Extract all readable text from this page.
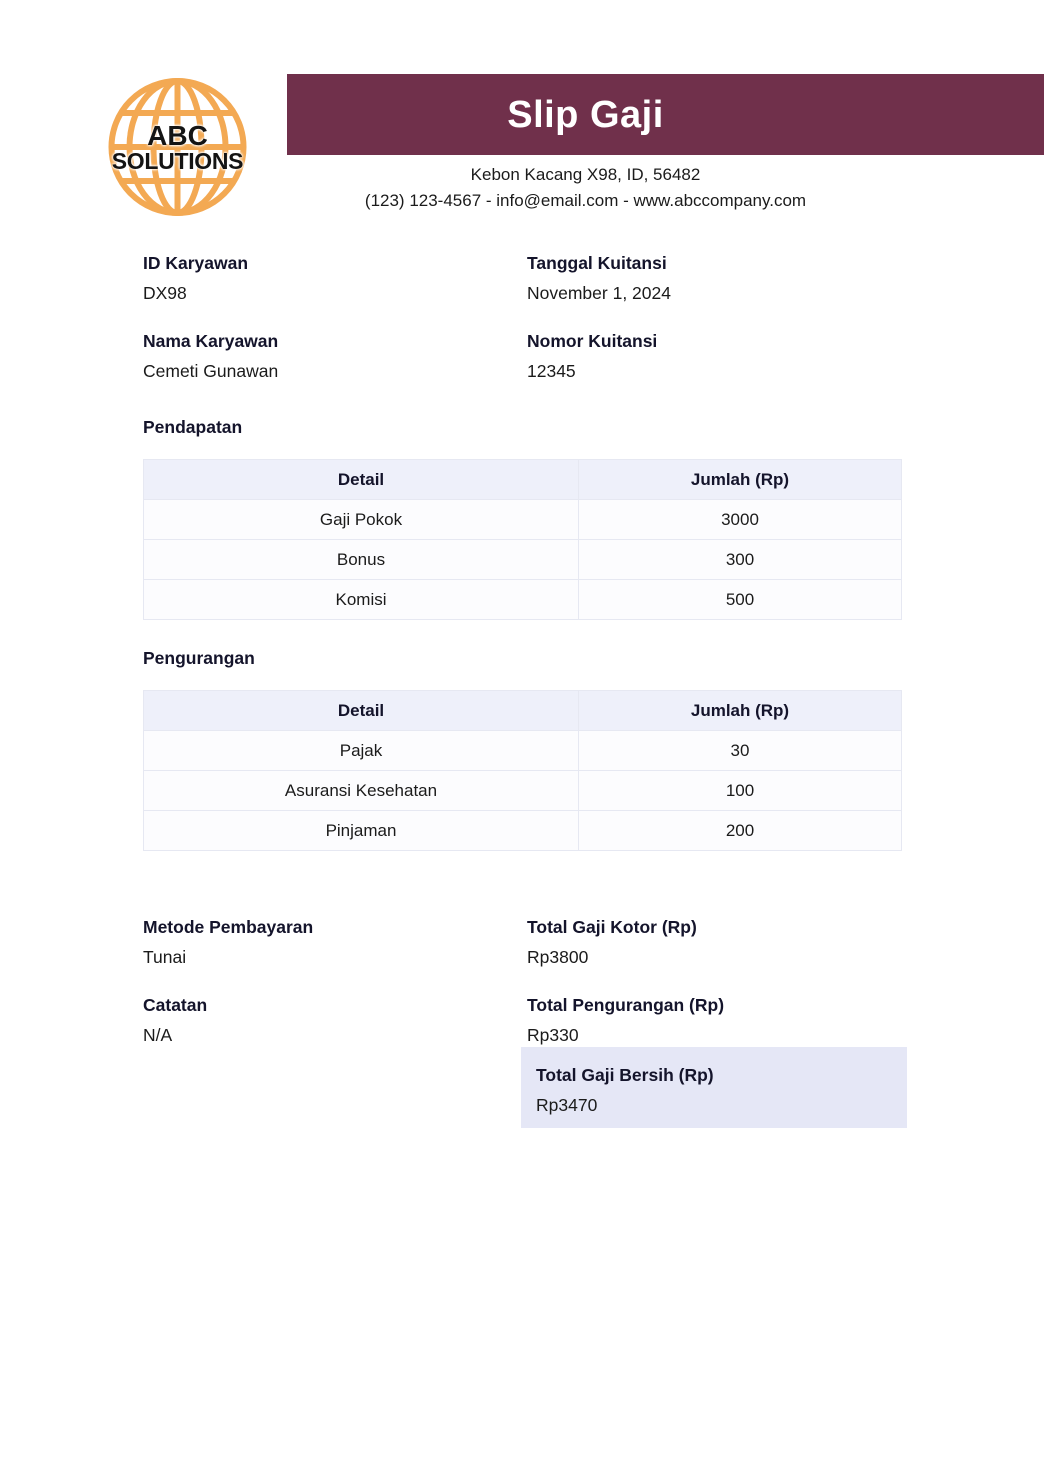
ABC
SOLUTIONS
Slip Gaji
Kebon Kacang X98, ID, 56482
(123) 123-4567 - info@email.com - www.abccompany.com
ID Karyawan
DX98
Tanggal Kuitansi
November 1, 2024
Nama Karyawan
Cemeti Gunawan
Nomor Kuitansi
12345
Pendapatan
Detail	Jumlah (Rp)
Gaji Pokok	3000
Bonus	300
Komisi	500
Pengurangan
Detail	Jumlah (Rp)
Pajak	30
Asuransi Kesehatan	100
Pinjaman	200
Metode Pembayaran
Tunai
Total Gaji Kotor (Rp)
Rp3800
Catatan
N/A
Total Pengurangan (Rp)
Rp330
Total Gaji Bersih (Rp)
Rp3470
